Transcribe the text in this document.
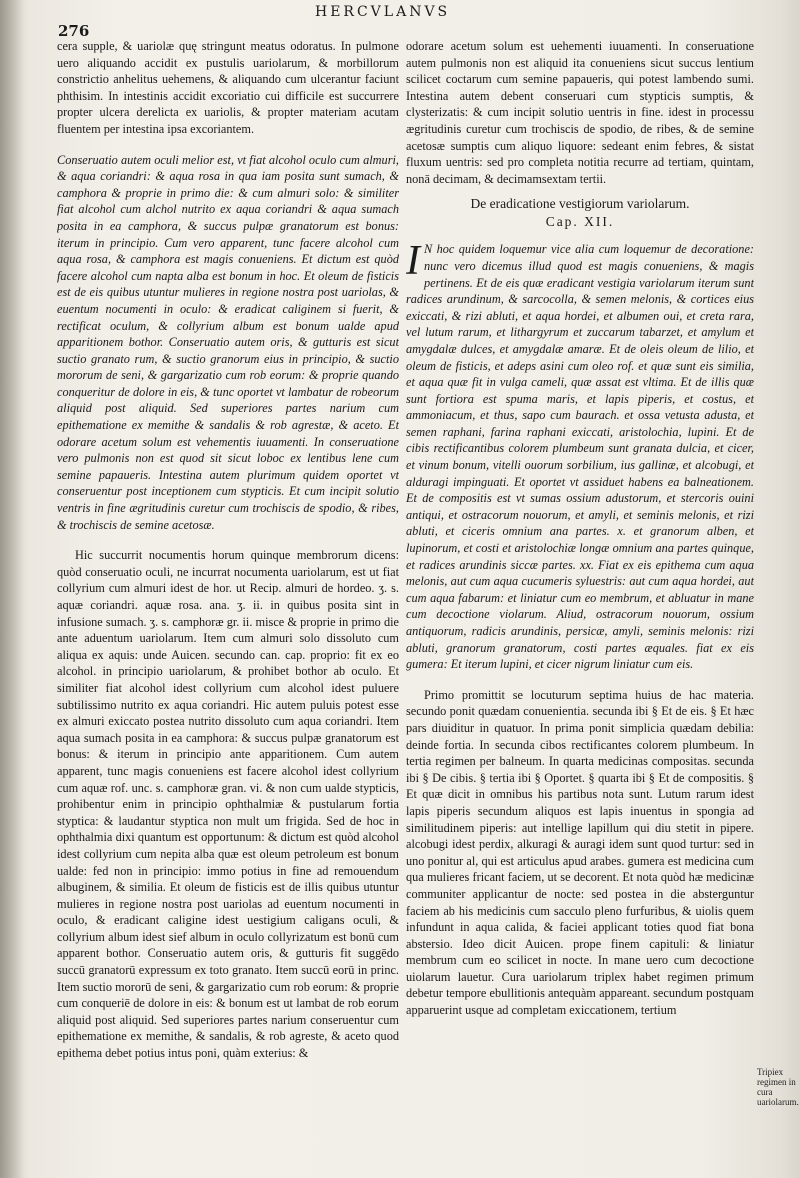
276
HERCVLANVS

cera supple, & uariolæ quę stringunt meatus odoratus. In pulmone uero aliquando accidit ex pustulis uariolarum, & morbillorum constrictio anhelitus uehemens, & aliquando cum ulcerantur faciunt phthisim. In intestinis accidit excoriatio cui difficile est succurrere propter ulcera derelicta ex uariolis, & propter materiam acutam fluentem per intestina ipsa excoriantem.

Conseruatio autem oculi melior est, vt fiat alcohol oculo cum almuri, & aqua coriandri: & aqua rosa in qua iam posita sunt sumach, & camphora & proprie in primo die: & cum almuri solo: & similiter fiat alcohol cum alchol nutrito ex aqua coriandri & aqua sumach posita in ea camphora, & succus pulpæ granatorum est bonus: iterum in principio. Cum vero apparent, tunc facere alcohol cum aqua rosa, & camphora est magis conueniens. Et dictum est quòd facere alcohol cum napta alba est bonum in hoc. Et oleum de fisticis est de eis quibus utuntur mulieres in regione nostra post uariolas, & euentum nocumenti in oculo: & eradicat caliginem si fuerit, & rectificat oculum, & collyrium album est bonum ualde apud apparitionem bothor. Conseruatio autem oris, & gutturis est sicut suctio granato rum, & suctio granorum eius in principio, & suctio mororum de seni, & gargarizatio cum rob eorum: & proprie quando conqueritur de dolore in eis, & tunc oportet vt lambatur de robeorum aliquid post aliquid. Sed superiores partes narium cum epithematione ex memithe & sandalis & rob agrestæ, & aceto. Et odorare acetum solum est vehementis iuuamenti. In conseruatione vero pulmonis non est quod sit sicut loboc ex lentibus lene cum semine papaueris. Intestina autem plurimum quidem oportet vt conseruentur post inceptionem cum stypticis. Et cum incipit solutio ventris in fine ægritudinis curetur cum trochiscis de spodio, & ribes, & trochiscis de semine acetosæ.

Hic succurrit nocumentis horum quinque membrorum dicens: quòd conseruatio oculi, ne incurrat nocumenta uariolarum, est ut fiat collyrium cum almuri idest de hor. ut Recip. almuri de hordeo. ʒ. s. aquæ coriandri. aquæ rosa. ana. ʒ. ii. in quibus posita sint in infusione sumach. ʒ. s. camphoræ gr. ii. misce & proprie in primo die ante aduentum uariolarum. Item cum almuri solo dissoluto cum aliqua ex aquis: unde Auicen. secundo can. cap. proprio: fit ex eo alcohol. in principio uariolarum, & prohibet bothor ab oculo. Et similiter fiat alcohol idest collyrium cum alcohol idest puluere subtilissimo nutrito ex aqua coriandri. Hic autem puluis potest esse ex almuri exiccato postea nutrito dissoluto cum aqua coriandri. Item aqua sumach posita in ea camphora: & succus pulpæ granatorum est bonus: & iterum in principio ante apparitionem. Cum autem apparent, tunc magis conueniens est facere alcohol idest collyrium cum aquæ rof. unc. s. camphoræ gran. vi. & non cum ualde stypticis, prohibentur enim in principio ophthalmiæ & pustularum fortia styptica: & laudantur styptica non mult um frigida. Sed de hoc in ophthalmia dixi quantum est opportunum: & dictum est quòd alcohol idest collyrium cum nepita alba quæ est oleum petroleum est bonum ualde: fed non in principio: immo potius in fine ad remouendum albuginem, & similia. Et oleum de fisticis est de illis quibus utuntur mulieres in regione nostra post uariolas ad euentum nocumenti in oculo, & eradicant caligine idest uestigium caligans oculi, & collyrium album idest sief album in oculo collyrizatum est bonū cum apparent bothor. Conseruatio autem oris, & gutturis fit suggēdo succū granatorū expressum ex toto granato. Item succū eorū in princ. Item suctio mororū de seni, & gargarizatio cum rob eorum: & proprie cum conqueriē de dolore in eis: & bonum est ut lambat de rob eorum aliquid post aliquid. Sed superiores partes narium conseruentur cum epithematione ex memithe, & sandalis, & rob agreste, & aceto quod epithema debet potius intus poni, quàm exterius: &

odorare acetum solum est uehementi iuuamenti. In conseruatione autem pulmonis non est aliquid ita conueniens sicut succus lentium scilicet coctarum cum semine papaueris, qui potest lambendo sumi. Intestina autem debent conseruari cum stypticis sumptis, & clysterizatis: & cum incipit solutio uentris in fine. idest in processu ægritudinis curetur cum trochiscis de spodio, de ribes, & de semine acetosæ sumptis cum aliquo liquore: sedeant enim febres, & sistat fluxum uentris: sed pro completa notitia recurre ad tertiam, quintam, nonā decimam, & decimamsextam tertii.

De eradicatione vestigiorum variolarum.
Cap. XII.

I N hoc quidem loquemur vice alia cum loquemur de decoratione: nunc vero dicemus illud quod est magis conueniens, & magis pertinens. Et de eis quæ eradicant vestigia variolarum iterum sunt radices arundinum, & sarcocolla, & semen melonis, & cortices eius exiccati, & rizi abluti, et aqua hordei, et albumen oui, et creta rara, vel lutum rarum, et lithargyrum et zuccarum tabarzet, et amylum et amygdalæ dulces, et amygdalæ amaræ. Et de oleis oleum de lilio, et oleum de fisticis, et adeps asini cum oleo rof. et quæ sunt eis similia, et aqua quæ fit in vulga cameli, quæ assat est vltima. Et de illis quæ sunt fortiora est spuma maris, et lapis piperis, et costus, et ammoniacum, et thus, sapo cum baurach. et ossa vetusta adusta, et semen raphani, farina raphani exiccati, aristolochia, lupini. Et de cibis rectificantibus colorem plumbeum sunt granata dulcia, et cicer, et vinum bonum, vitelli ouorum sorbilium, ius gallinæ, et alcobugi, et alduragi impinguati. Et oportet vt assiduet habens ea balneationem. Et de compositis est vt sumas ossium adustorum, et stercoris ouini antiqui, et ostracorum nouorum, et amyli, et seminis melonis, et rizi abluti, et ciceris omnium ana partes. x. et granorum alben, et lupinorum, et costi et aristolochiæ longæ omnium ana partes quinque, et radices arundinis siccæ partes. xx. Fiat ex eis epithema cum aqua melonis, aut cum aqua cucumeris syluestris: aut cum aqua hordei, aut cum aqua fabarum: et liniatur cum eo membrum, et abluatur in mane cum decoctione violarum. Aliud, ostracorum nouorum, ossium antiquorum, radicis arundinis, persicæ, amyli, seminis melonis: rizi abluti, granorum granatorum, costi partes æquales. fiat ex eis gumera: Et iterum lupini, et cicer nigrum liniatur cum eis.

Primo promittit se locuturum septima huius de hac materia. secundo ponit quædam conuenientia. secunda ibi § Et de eis. § Et hæc pars diuiditur in quatuor. In prima ponit simplicia quædam debilia: deinde fortia. In secunda cibos rectificantes colorem plumbeum. In tertia regimen per balneum. In quarta medicinas compositas. secunda ibi § De cibis. § tertia ibi § Oportet. § quarta ibi § Et de compositis. § Et quæ dicit in omnibus his partibus nota sunt. Lutum rarum idest lapis piperis secundum aliquos est lapis inuentus in spongia ad similitudinem piperis: aut intellige lapillum qui diu stetit in pipere. alcobugi idest perdix, alkuragi & auragi idem sunt quod turtur: sed in uno ponitur al, qui est articulus apud arabes. gumera est medicina cum qua mulieres fricant faciem, ut se decorent. Et nota quòd hæ medicinæ communiter applicantur de nocte: sed postea in die absterguntur faciem ab his medicinis cum sacculo pleno furfuribus, & uiolis quem infundunt in aqua calida, & faciei applicant toties quod fiat bona abstersio. Ideo dicit Auicen. prope finem capituli: & liniatur membrum cum eo scilicet in nocte. In mane uero cum decoctione uiolarum lauetur. Cura uariolarum triplex habet regimen primum debetur tempore ebullitionis antequàm appareant. secundum postquam apparuerint usque ad completam exiccationem, tertium

Tripiex regimen in cura uariolarum.
